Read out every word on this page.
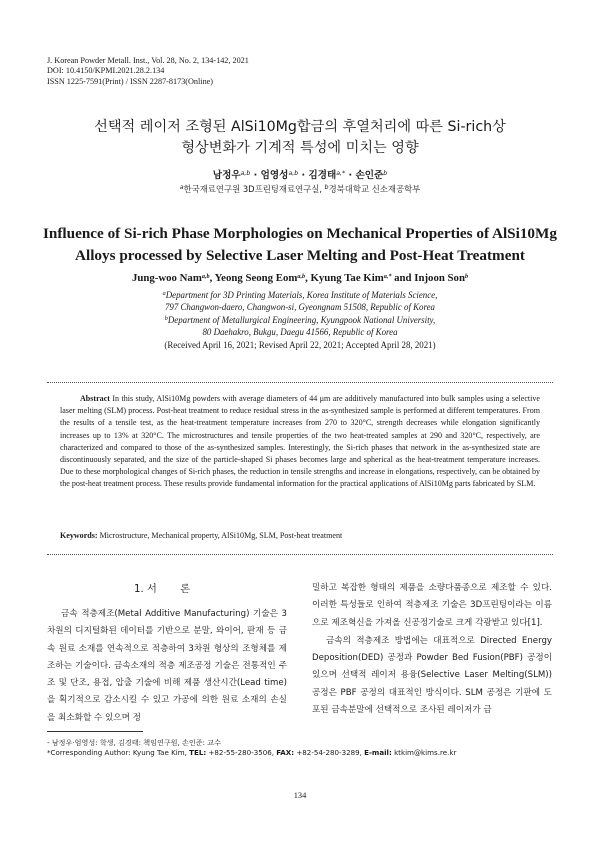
J. Korean Powder Metall. Inst., Vol. 28, No. 2, 134-142, 2021
DOI: 10.4150/KPMI.2021.28.2.134
ISSN 1225-7591(Print) / ISSN 2287-8173(Online)
선택적 레이저 조형된 AlSi10Mg합금의 후열처리에 따른 Si-rich상
형상변화가 기계적 특성에 미치는 영향
남정우$^{a,b}$ · 엄영성$^{a,b}$ · 김경태$^{a,*}$ · 손인준$^b$
$^a$한국재료연구원 3D프린팅재료연구실, $^b$경북대학교 신소재공학부
Influence of Si-rich Phase Morphologies on Mechanical Properties of AlSi10Mg
Alloys processed by Selective Laser Melting and Post-Heat Treatment
Jung-woo Nam$^{a,b}$, Yeong Seong Eom$^{a,b}$, Kyung Tae Kim$^{a,*}$ and Injoon Son$^b$
$^a$Department for 3D Printing Materials, Korea Institute of Materials Science,
797 Changwon-daero, Changwon-si, Gyeongnam 51508, Republic of Korea
$^b$Department of Metallurgical Engineering, Kyungpook National University,
80 Daehakro, Bukgu, Daegu 41566, Republic of Korea
(Received April 16, 2021; Revised April 22, 2021; Accepted April 28, 2021)
Abstract In this study, AlSi10Mg powders with average diameters of 44 μm are additively manufactured into bulk samples using a selective laser melting (SLM) process. Post-heat treatment to reduce residual stress in the as-synthesized sample is performed at different temperatures. From the results of a tensile test, as the heat-treatment temperature increases from 270 to 320°C, strength decreases while elongation significantly increases up to 13% at 320°C. The microstructures and tensile properties of the two heat-treated samples at 290 and 320°C, respectively, are characterized and compared to those of the as-synthesized samples. Interestingly, the Si-rich phases that network in the as-synthesized state are discontinuously separated, and the size of the particle-shaped Si phases becomes large and spherical as the heat-treatment temperature increases. Due to these morphological changes of Si-rich phases, the reduction in tensile strengths and increase in elongations, respectively, can be obtained by the post-heat treatment process. These results provide fundamental information for the practical applications of AlSi10Mg parts fabricated by SLM.
Keywords: Microstructure, Mechanical property, AlSi10Mg, SLM, Post-heat treatment
1. 서 론

금속 적층제조(Metal Additive Manufacturing) 기술은 3차원의 디지털화된 데이터를 기반으로 분말, 와이어, 판재 등 금속 원료 소재를 연속적으로 적층하여 3차원 형상의 조형체를 제조하는 기술이다. 금속소재의 적층 제조공정 기술은 전통적인 주조 및 단조, 용접, 압출 기술에 비해 제품 생산시간(Lead time)을 획기적으로 감소시킬 수 있고 가공에 의한 원료 소재의 손실을 최소화할 수 있으며 정

밀하고 복잡한 형태의 제품을 소량다품종으로 제조할 수 있다. 이러한 특성들로 인하여 적층제조 기술은 3D프린팅이라는 이름으로 제조혁신을 가져올 신공정기술로 크게 각광받고 있다[1].

금속의 적층제조 방법에는 대표적으로 Directed Energy Deposition(DED) 공정과 Powder Bed Fusion(PBF) 공정이 있으며 선택적 레이저 용융(Selective Laser Melting(SLM)) 공정은 PBF 공정의 대표적인 방식이다. SLM 공정은 기판에 도포된 금속분말에 선택적으로 조사된 레이저가 금

- 남정우·엄영성: 학생, 김경태: 책임연구원, 손인준: 교수
*Corresponding Author: Kyung Tae Kim, TEL: +82-55-280-3506, FAX: +82-54-280-3289, E-mail: ktkim@kims.re.kr
134
